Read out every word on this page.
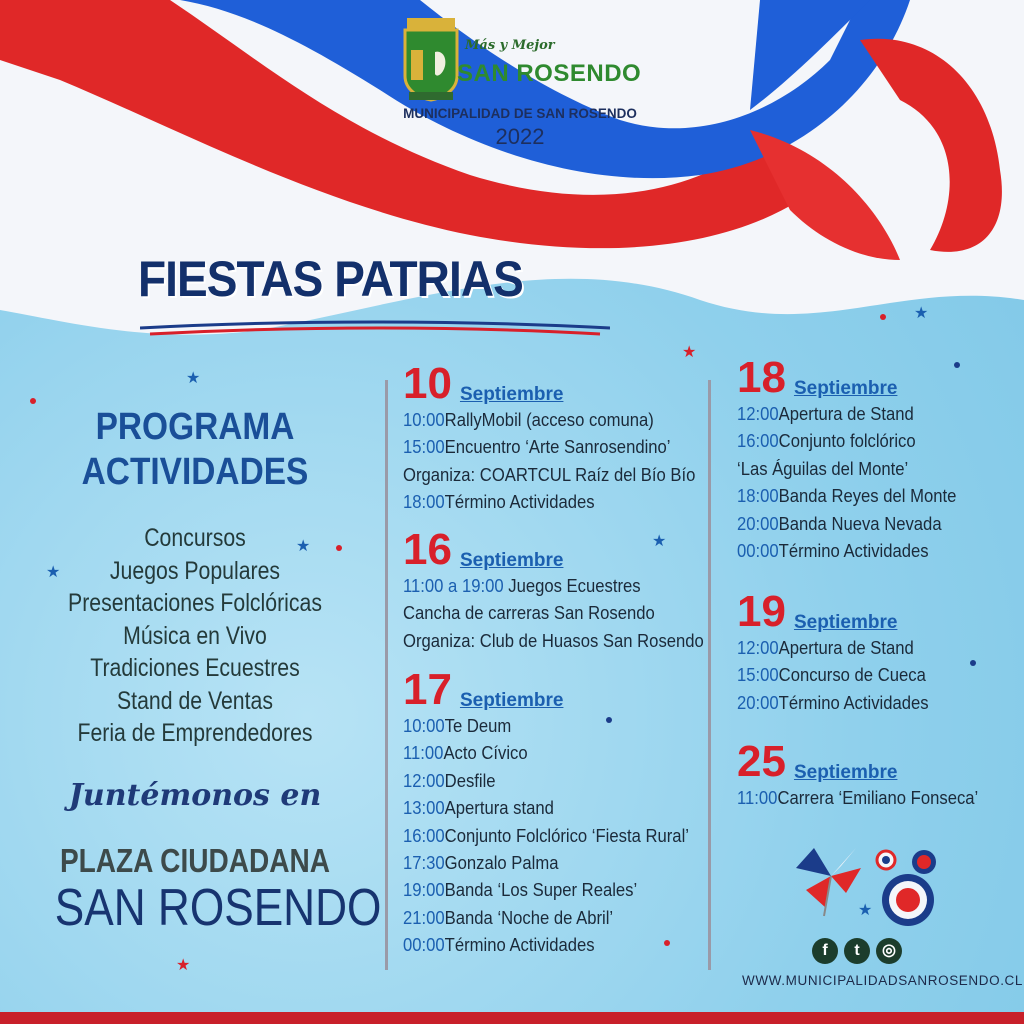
Más y Mejor
SAN ROSENDO
MUNICIPALIDAD DE SAN ROSENDO
2022
FIESTAS PATRIAS
PROGRAMA
ACTIVIDADES
Concursos
Juegos Populares
Presentaciones Folclóricas
Música en Vivo
Tradiciones Ecuestres
Stand de Ventas
Feria de Emprendedores
Juntémonos en
PLAZA CIUDADANA
SAN ROSENDO
10 Septiembre
10:00RallyMobil (acceso comuna)
15:00Encuentro ‘Arte Sanrosendino’
Organiza: COARTCUL Raíz del Bío Bío
18:00Término Actividades
16 Septiembre
11:00 a 19:00 Juegos Ecuestres
Cancha de carreras San Rosendo
Organiza: Club de Huasos San Rosendo
17 Septiembre
10:00Te Deum
11:00Acto Cívico
12:00Desfile
13:00Apertura stand
16:00Conjunto Folclórico ‘Fiesta Rural’
17:30Gonzalo Palma
19:00Banda ‘Los Super Reales’
21:00Banda ‘Noche de Abril’
00:00Término Actividades
18 Septiembre
12:00Apertura de Stand
16:00Conjunto folclórico
‘Las Águilas del Monte’
18:00Banda Reyes del Monte
20:00Banda Nueva Nevada
00:00Término Actividades
19 Septiembre
12:00Apertura de Stand
15:00Concurso de Cueca
20:00Término Actividades
25 Septiembre
11:00Carrera ‘Emiliano Fonseca’
f	t	◎
WWW.MUNICIPALIDADSANROSENDO.CL
★
★
★
★
★
★
★
★
